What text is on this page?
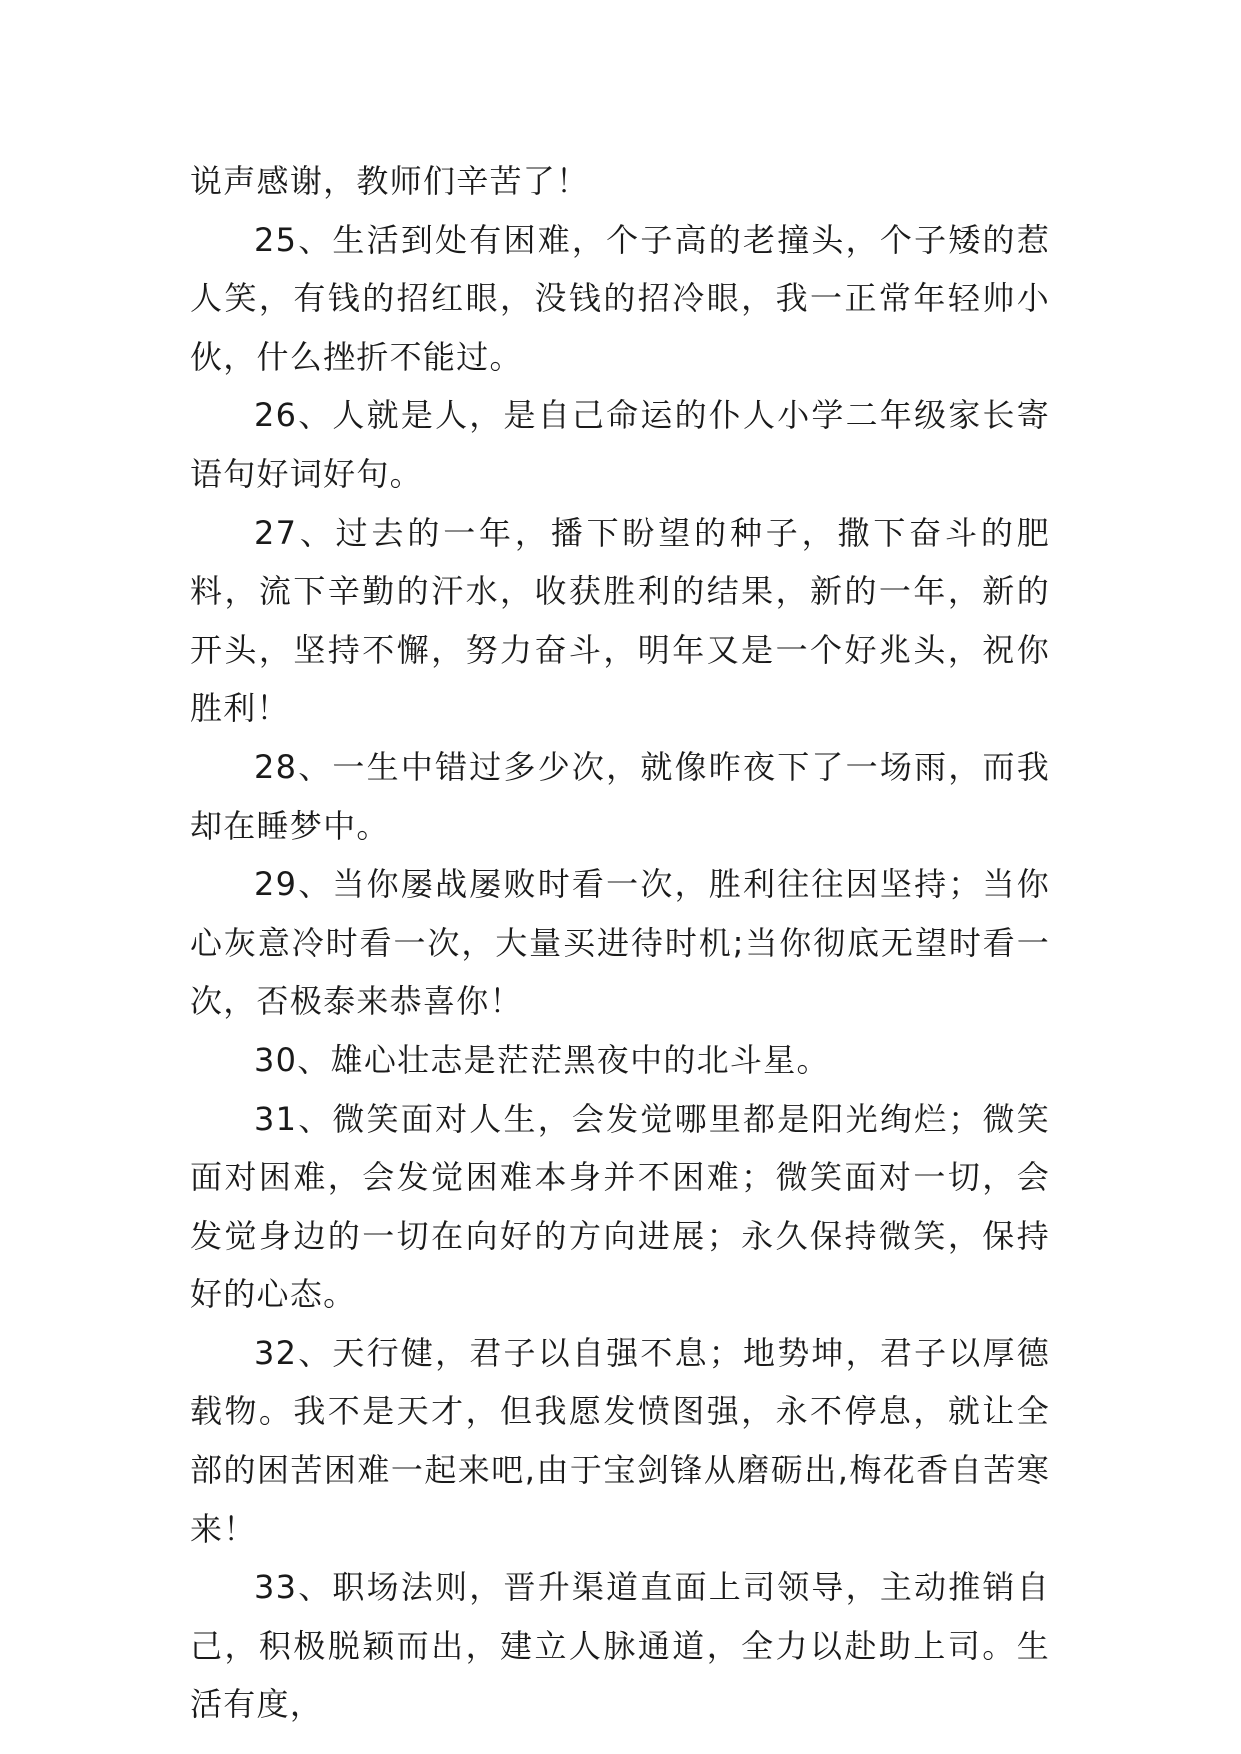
说声感谢，教师们辛苦了！

25、生活到处有困难，个子高的老撞头，个子矮的惹人笑，有钱的招红眼，没钱的招冷眼，我一正常年轻帅小伙，什么挫折不能过。

26、人就是人，是自己命运的仆人小学二年级家长寄语句好词好句。

27、过去的一年，播下盼望的种子，撒下奋斗的肥料，流下辛勤的汗水，收获胜利的结果，新的一年，新的开头，坚持不懈，努力奋斗，明年又是一个好兆头，祝你胜利！

28、一生中错过多少次，就像昨夜下了一场雨，而我却在睡梦中。

29、当你屡战屡败时看一次，胜利往往因坚持；当你心灰意冷时看一次，大量买进待时机;当你彻底无望时看一次，否极泰来恭喜你！

30、雄心壮志是茫茫黑夜中的北斗星。

31、微笑面对人生，会发觉哪里都是阳光绚烂；微笑面对困难，会发觉困难本身并不困难；微笑面对一切，会发觉身边的一切在向好的方向进展；永久保持微笑，保持好的心态。

32、天行健，君子以自强不息；地势坤，君子以厚德载物。我不是天才，但我愿发愤图强，永不停息，就让全部的困苦困难一起来吧,由于宝剑锋从磨砺出,梅花香自苦寒来！

33、职场法则，晋升渠道直面上司领导，主动推销自己，积极脱颖而出，建立人脉通道，全力以赴助上司。生活有度，
